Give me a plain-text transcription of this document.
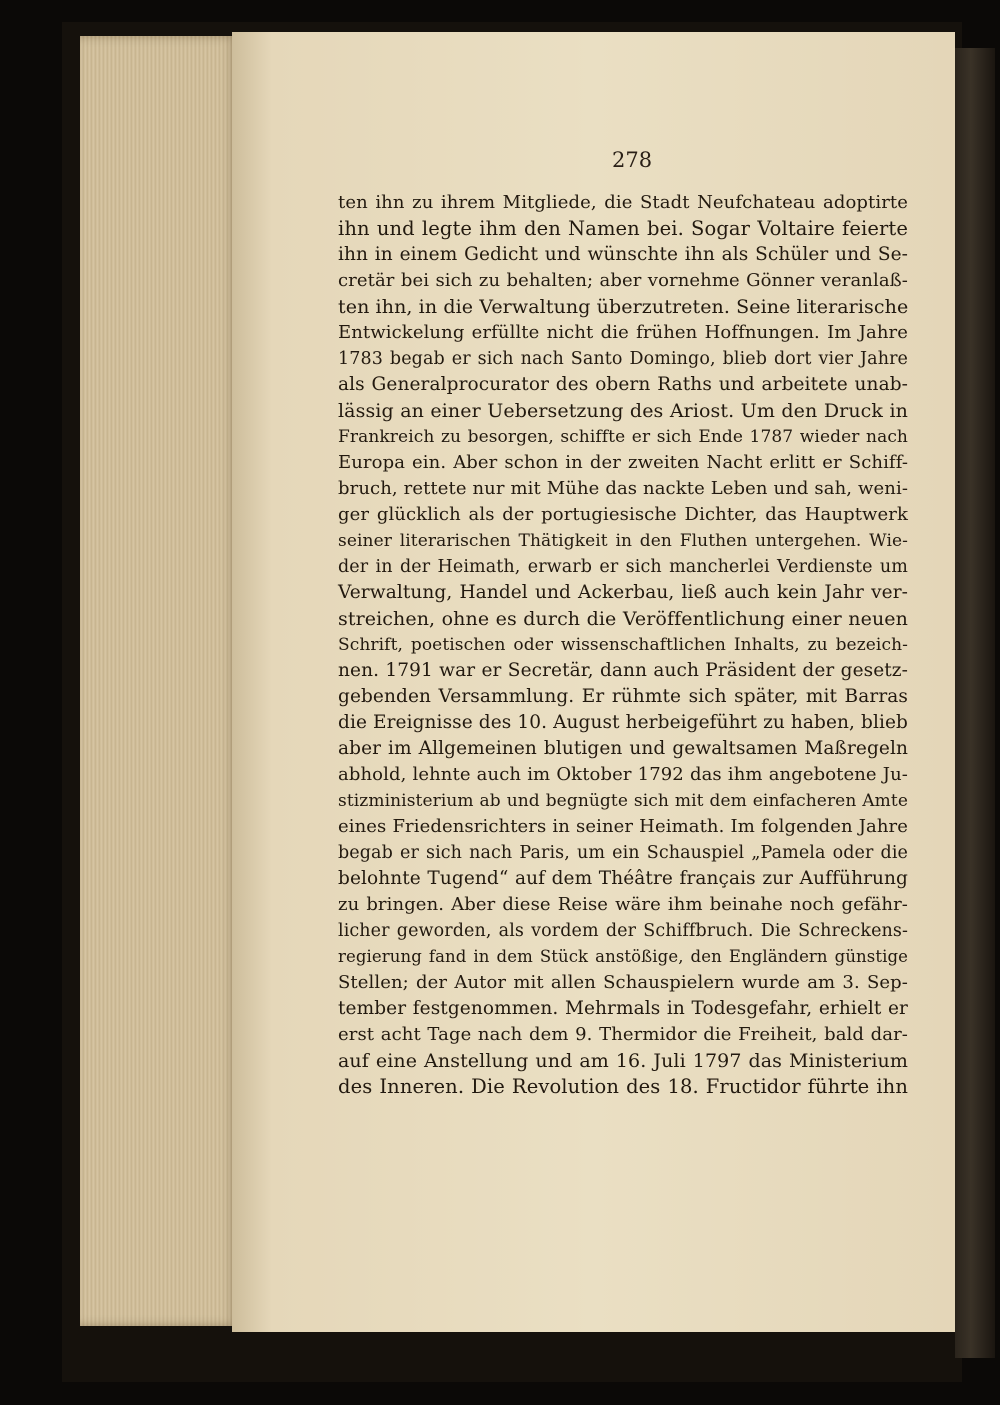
278
ten ihn zu ihrem Mitgliede, die Stadt Neufchateau adoptirte
ihn und legte ihm den Namen bei. Sogar Voltaire feierte
ihn in einem Gedicht und wünschte ihn als Schüler und Se-
cretär bei sich zu behalten; aber vornehme Gönner veranlaß-
ten ihn, in die Verwaltung überzutreten. Seine literarische
Entwickelung erfüllte nicht die frühen Hoffnungen. Im Jahre
1783 begab er sich nach Santo Domingo, blieb dort vier Jahre
als Generalprocurator des obern Raths und arbeitete unab-
lässig an einer Uebersetzung des Ariost. Um den Druck in
Frankreich zu besorgen, schiffte er sich Ende 1787 wieder nach
Europa ein. Aber schon in der zweiten Nacht erlitt er Schiff-
bruch, rettete nur mit Mühe das nackte Leben und sah, weni-
ger glücklich als der portugiesische Dichter, das Hauptwerk
seiner literarischen Thätigkeit in den Fluthen untergehen. Wie-
der in der Heimath, erwarb er sich mancherlei Verdienste um
Verwaltung, Handel und Ackerbau, ließ auch kein Jahr ver-
streichen, ohne es durch die Veröffentlichung einer neuen
Schrift, poetischen oder wissenschaftlichen Inhalts, zu bezeich-
nen. 1791 war er Secretär, dann auch Präsident der gesetz-
gebenden Versammlung. Er rühmte sich später, mit Barras
die Ereignisse des 10. August herbeigeführt zu haben, blieb
aber im Allgemeinen blutigen und gewaltsamen Maßregeln
abhold, lehnte auch im Oktober 1792 das ihm angebotene Ju-
stizministerium ab und begnügte sich mit dem einfacheren Amte
eines Friedensrichters in seiner Heimath. Im folgenden Jahre
begab er sich nach Paris, um ein Schauspiel „Pamela oder die
belohnte Tugend“ auf dem Théâtre français zur Aufführung
zu bringen. Aber diese Reise wäre ihm beinahe noch gefähr-
licher geworden, als vordem der Schiffbruch. Die Schreckens-
regierung fand in dem Stück anstößige, den Engländern günstige
Stellen; der Autor mit allen Schauspielern wurde am 3. Sep-
tember festgenommen. Mehrmals in Todesgefahr, erhielt er
erst acht Tage nach dem 9. Thermidor die Freiheit, bald dar-
auf eine Anstellung und am 16. Juli 1797 das Ministerium
des Inneren. Die Revolution des 18. Fructidor führte ihn
